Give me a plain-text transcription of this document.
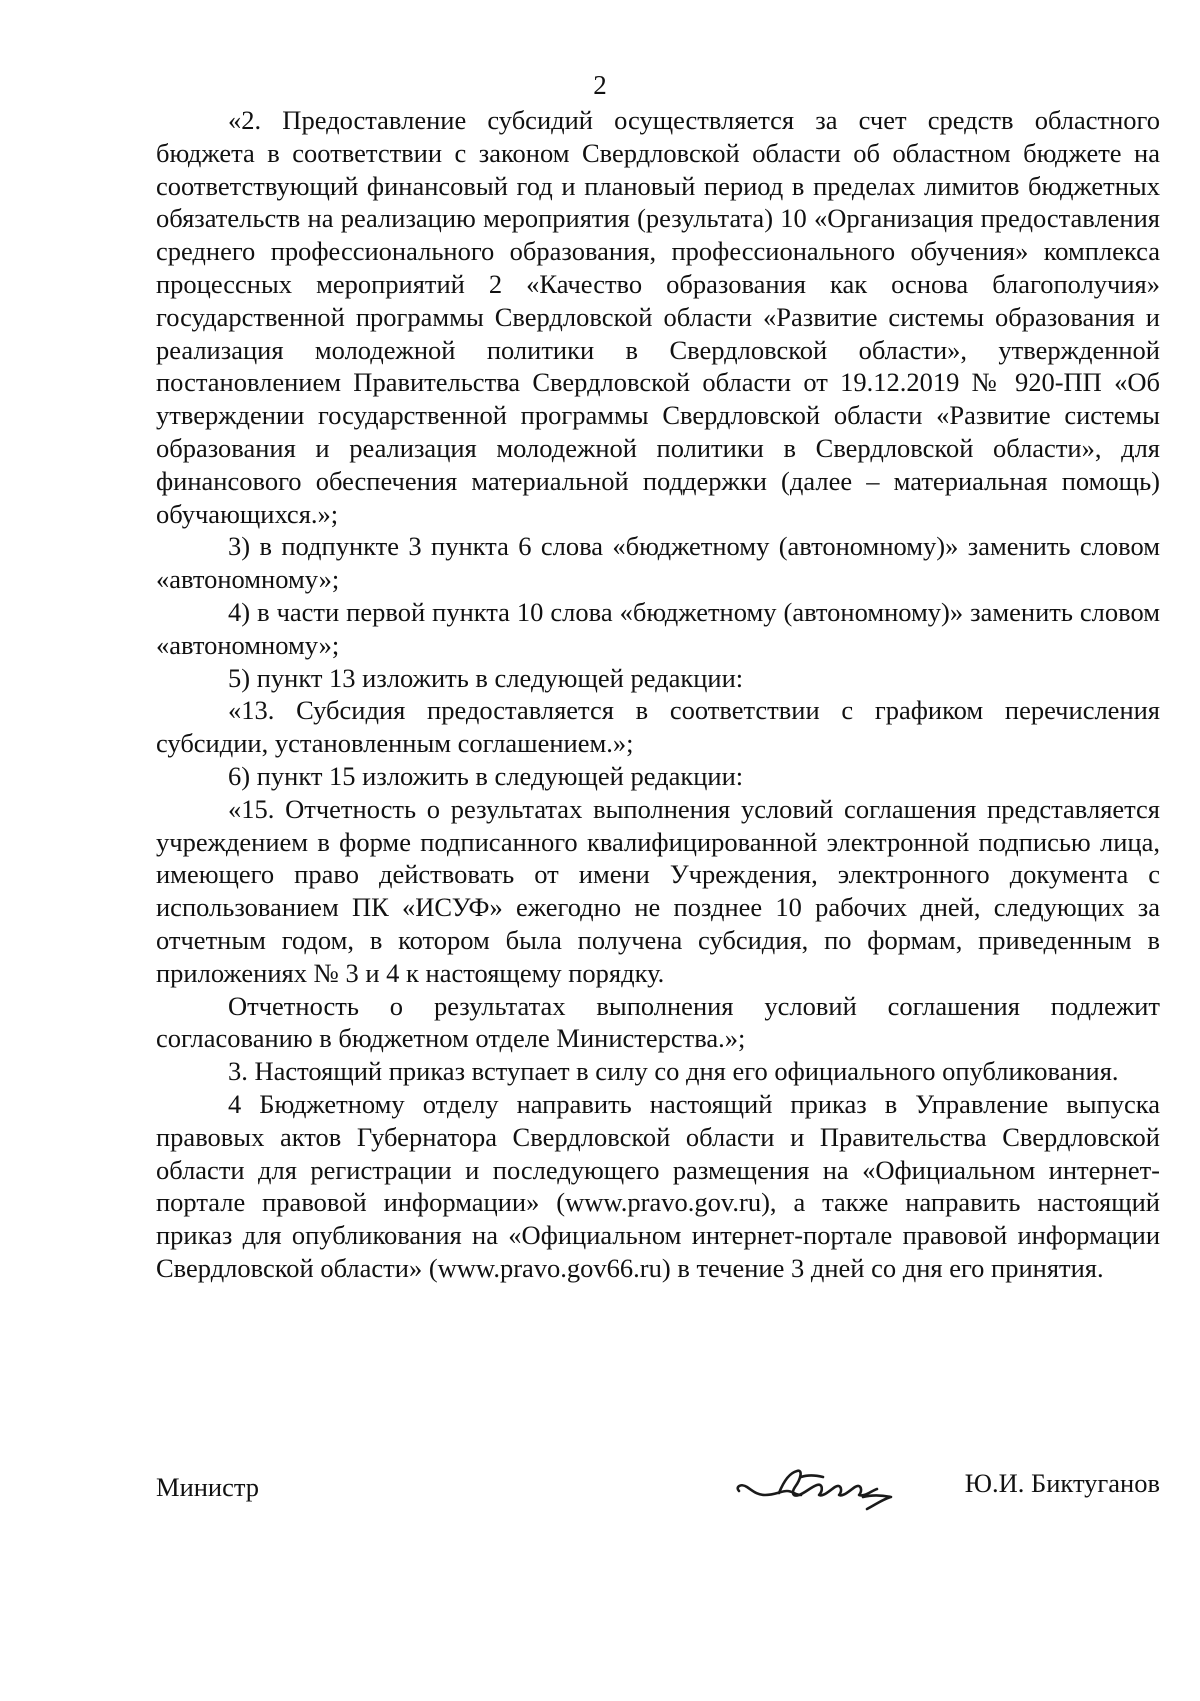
2

«2. Предоставление субсидий осуществляется за счет средств областного бюджета в соответствии с законом Свердловской области об областном бюджете на соответствующий финансовый год и плановый период в пределах лимитов бюджетных обязательств на реализацию мероприятия (результата) 10 «Организация предоставления среднего профессионального образования, профессионального обучения» комплекса процессных мероприятий 2 «Качество образования как основа благополучия» государственной программы Свердловской области «Развитие системы образования и реализация молодежной политики в Свердловской области», утвержденной постановлением Правительства Свердловской области от 19.12.2019 № 920-ПП «Об утверждении государственной программы Свердловской области «Развитие системы образования и реализация молодежной политики в Свердловской области», для финансового обеспечения материальной поддержки (далее – материальная помощь) обучающихся.»;

3) в подпункте 3 пункта 6 слова «бюджетному (автономному)» заменить словом «автономному»;

4) в части первой пункта 10 слова «бюджетному (автономному)» заменить словом «автономному»;

5) пункт 13 изложить в следующей редакции:

«13. Субсидия предоставляется в соответствии с графиком перечисления субсидии, установленным соглашением.»;

6) пункт 15 изложить в следующей редакции:

«15. Отчетность о результатах выполнения условий соглашения представляется учреждением в форме подписанного квалифицированной электронной подписью лица, имеющего право действовать от имени Учреждения, электронного документа с использованием ПК «ИСУФ» ежегодно не позднее 10 рабочих дней, следующих за отчетным годом, в котором была получена субсидия, по формам, приведенным в приложениях № 3 и 4 к настоящему порядку.

Отчетность о результатах выполнения условий соглашения подлежит согласованию в бюджетном отделе Министерства.»;

3. Настоящий приказ вступает в силу со дня его официального опубликования.

4 Бюджетному отделу направить настоящий приказ в Управление выпуска правовых актов Губернатора Свердловской области и Правительства Свердловской области для регистрации и последующего размещения на «Официальном интернет-портале правовой информации» (www.pravo.gov.ru), а также направить настоящий приказ для опубликования на «Официальном интернет-портале правовой информации Свердловской области» (www.pravo.gov66.ru) в течение 3 дней со дня его принятия.

Министр	Ю.И. Биктуганов
